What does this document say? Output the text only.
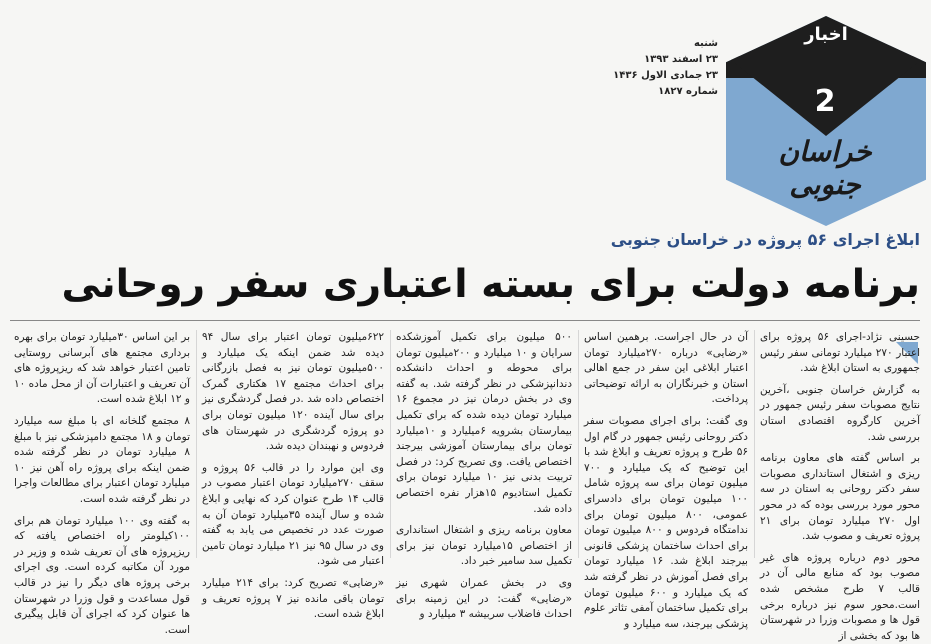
اخبار
2
خراسان جنوبی
شنبه
۲۳ اسفند ۱۳۹۳
۲۳ جمادی الاول ۱۴۳۶
شماره ۱۸۲۷
ابلاغ اجرای ۵۶ پروژه در خراسان جنوبی
برنامه دولت برای بسته اعتباری سفر روحانی

حسینی نژاد-اجرای ۵۶ پروژه برای اعتبار ۲۷۰ میلیارد تومانی سفر رئیس جمهوری به استان ابلاغ شد.

به گزارش خراسان جنوبی ،آخرین نتایج مصوبات سفر رئیس جمهور در آخرین کارگروه اقتصادی استان بررسی شد.

بر اساس گفته های معاون برنامه ریزی و اشتغال استانداری مصوبات سفر دکتر روحانی به استان در سه محور مورد بررسی بوده که در محور اول ۲۷۰ میلیارد تومان برای ۲۱ پروژه تعریف و مصوب شد.

محور دوم درباره پروژه های غیر مصوب بود که منابع مالی آن در قالب ۷ طرح مشخص شده است.محور سوم نیز درباره برخی قول ها و مصوبات وزرا در شهرستان ها بود که بخشی از

آن در حال اجراست. برهمین اساس «رضایی» درباره ۲۷۰میلیارد تومان اعتبار ابلاغی این سفر در جمع اهالی استان و خبرنگاران به ارائه توضیحاتی پرداخت.

وی گفت: برای اجرای مصوبات سفر دکتر روحانی رئیس جمهور در گام اول ۵۶ طرح و پروژه تعریف و ابلاغ شد با این توضیح که یک میلیارد و ۷۰۰ میلیون تومان برای سه پروژه شامل ۱۰۰ میلیون تومان برای دادسرای عمومی، ۸۰۰ میلیون تومان برای ندامتگاه فردوس و ۸۰۰ میلیون تومان برای احداث ساختمان پزشکی قانونی بیرجند ابلاغ شد. ۱۶ میلیارد تومان برای فصل آموزش در نظر گرفته شد که یک میلیارد و ۶۰۰ میلیون تومان برای تکمیل ساختمان آمفی تئاتر علوم پزشکی بیرجند، سه میلیارد و

۵۰۰ میلیون برای تکمیل آموزشکده سرایان و ۱۰ میلیارد و ۲۰۰میلیون تومان برای محوطه و احداث دانشکده دندانپزشکی در نظر گرفته شد. به گفته وی در بخش درمان نیز در مجموع ۱۶ میلیارد تومان دیده شده که برای تکمیل بیمارستان بشرویه ۶میلیارد و ۱۰میلیارد تومان برای بیمارستان آموزشی بیرجند اختصاص یافت. وی تصریح کرد: در فصل تربیت بدنی نیز ۱۰ میلیارد تومان برای تکمیل استادیوم ۱۵هزار نفره اختصاص داده شد.

معاون برنامه ریزی و اشتغال استانداری از اختصاص ۱۵میلیارد تومان نیز برای تکمیل سد سامیر خبر داد.

وی در بخش عمران شهری نیز «رضایی» گفت: در این زمینه برای احداث فاضلاب سربیشه ۳ میلیارد و

۶۲۲میلیون تومان اعتبار برای سال ۹۴ دیده شد ضمن اینکه یک میلیارد و ۵۰۰میلیون تومان نیز به فصل بازرگانی برای احداث مجتمع ۱۷ هکتاری گمرک اختصاص داده شد .در فصل گردشگری نیز برای سال آینده ۱۲۰ میلیون تومان برای دو پروژه گردشگری در شهرستان های فردوس و نهبندان دیده شد.

وی این موارد را در قالب ۵۶ پروژه و سقف ۲۷۰میلیارد تومان اعتبار مصوب در قالب ۱۴ طرح عنوان کرد که نهایی و ابلاغ شده و سال آینده ۳۵میلیارد تومان آن به صورت عدد در تخصیص می یابد به گفته وی در سال ۹۵ نیز ۲۱ میلیارد تومان تامین اعتبار می شود.

«رضایی» تصریح کرد: برای ۲۱۴ میلیارد تومان باقی مانده نیز ۷ پروژه تعریف و ابلاغ شده است.

بر این اساس ۳۰میلیارد تومان برای بهره برداری مجتمع های آبرسانی روستایی تامین اعتبار خواهد شد که ریزپروژه های آن تعریف و اعتبارات آن از محل ماده ۱۰ و ۱۲ ابلاغ شده است.

۸ مجتمع گلخانه ای با مبلغ سه میلیارد تومان و ۱۸ مجتمع دامپزشکی نیز با مبلغ ۸ میلیارد تومان در نظر گرفته شده ضمن اینکه برای پروژه راه آهن نیز ۱۰ میلیارد تومان اعتبار برای مطالعات واجرا در نظر گرفته شده است.

به گفته وی ۱۰۰ میلیارد تومان هم برای ۱۰۰کیلومتر راه اختصاص یافته که ریزپروژه های آن تعریف شده و وزیر در مورد آن مکاتبه کرده است. وی اجرای برخی پروژه های دیگر را نیز در قالب قول مساعدت و قول وزرا در شهرستان ها عنوان کرد که اجرای آن قابل پیگیری است.
